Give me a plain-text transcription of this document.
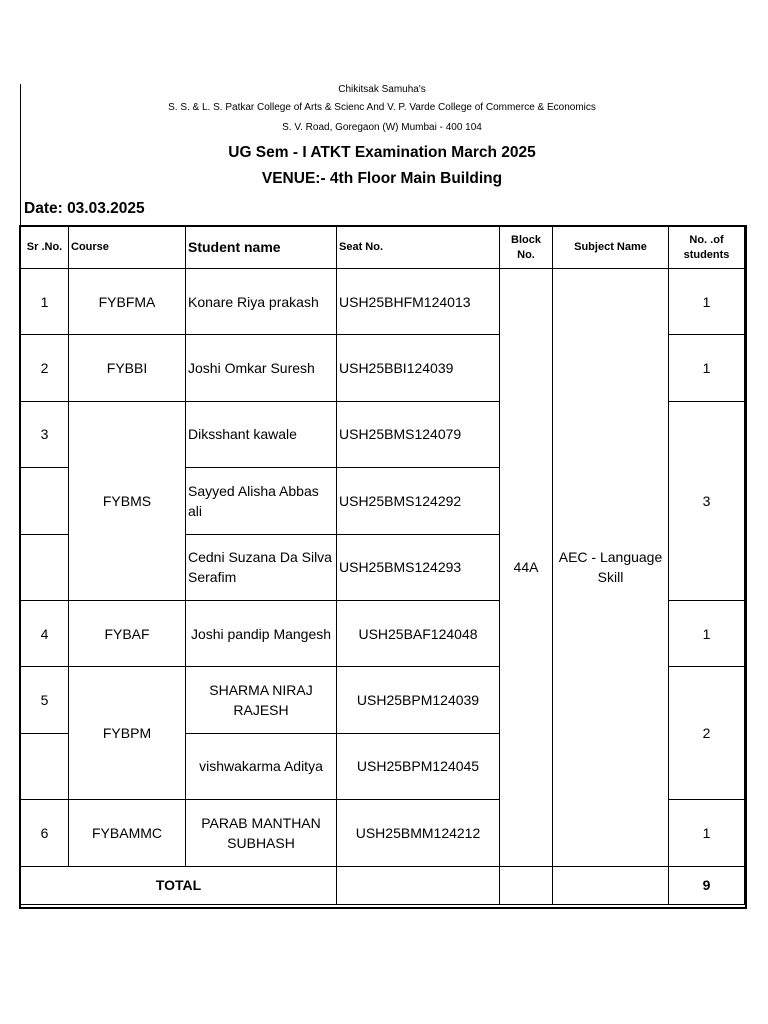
Chikitsak Samuha's
S. S. & L. S. Patkar College of Arts & Scienc And V. P. Varde College of Commerce & Economics
S. V. Road, Goregaon (W) Mumbai - 400 104
UG Sem - I ATKT Examination March 2025
VENUE:- 4th Floor Main Building
Date: 03.03.2025
Sr .No.	Course	Student name	Seat No.	Block No.	Subject Name	No. .of students
1	FYBFMA	Konare Riya prakash	USH25BHFM124013	44A	AEC - Language Skill	1
2	FYBBI	Joshi Omkar Suresh	USH25BBI124039			1
3	FYBMS	Diksshant kawale	USH25BMS124079			3
		Sayyed Alisha Abbas ali	USH25BMS124292			
		Cedni Suzana Da Silva Serafim	USH25BMS124293			
4	FYBAF	Joshi pandip Mangesh	USH25BAF124048			1
5	FYBPM	SHARMA NIRAJ RAJESH	USH25BPM124039			2
		vishwakarma Aditya	USH25BPM124045			
6	FYBAMMC	PARAB MANTHAN SUBHASH	USH25BMM124212			1
TOTAL						9
